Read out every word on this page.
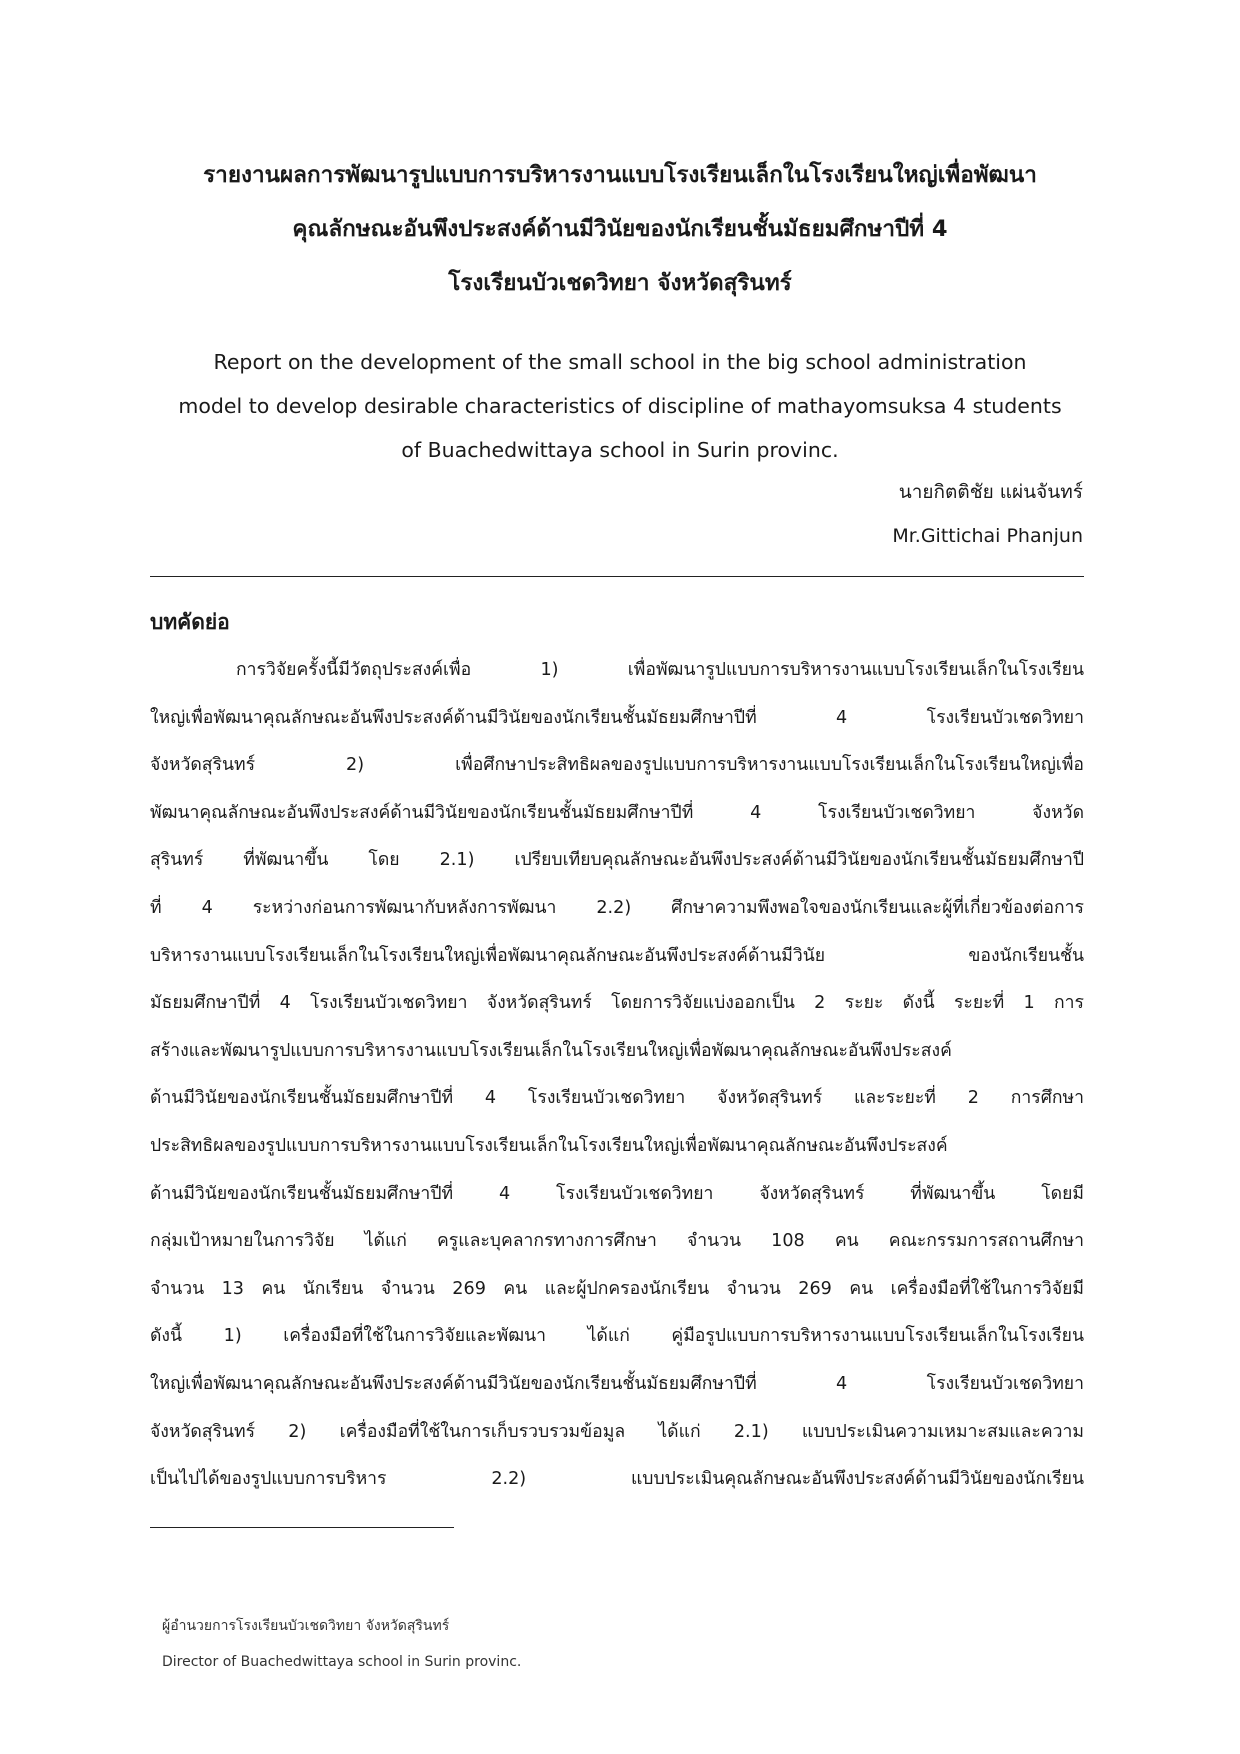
รายงานผลการพัฒนารูปแบบการบริหารงานแบบโรงเรียนเล็กในโรงเรียนใหญ่เพื่อพัฒนา
คุณลักษณะอันพึงประสงค์ด้านมีวินัยของนักเรียนชั้นมัธยมศึกษาปีที่ 4
โรงเรียนบัวเชดวิทยา จังหวัดสุรินทร์
Report on the development of the small school in the big school administration
model to develop desirable characteristics of discipline of mathayomsuksa 4 students
of Buachedwittaya school in Surin provinc.
นายกิตติชัย แผ่นจันทร์
Mr.Gittichai Phanjun
บทคัดย่อ
การวิจัยครั้งนี้มีวัตถุประสงค์เพื่อ 1) เพื่อพัฒนารูปแบบการบริหารงานแบบโรงเรียนเล็กในโรงเรียน
ใหญ่เพื่อพัฒนาคุณลักษณะอันพึงประสงค์ด้านมีวินัยของนักเรียนชั้นมัธยมศึกษาปีที่ 4 โรงเรียนบัวเชดวิทยา
จังหวัดสุรินทร์ 2) เพื่อศึกษาประสิทธิผลของรูปแบบการบริหารงานแบบโรงเรียนเล็กในโรงเรียนใหญ่เพื่อ
พัฒนาคุณลักษณะอันพึงประสงค์ด้านมีวินัยของนักเรียนชั้นมัธยมศึกษาปีที่ 4 โรงเรียนบัวเชดวิทยา จังหวัด
สุรินทร์ ที่พัฒนาขึ้น โดย 2.1) เปรียบเทียบคุณลักษณะอันพึงประสงค์ด้านมีวินัยของนักเรียนชั้นมัธยมศึกษาปี
ที่ 4 ระหว่างก่อนการพัฒนากับหลังการพัฒนา 2.2) ศึกษาความพึงพอใจของนักเรียนและผู้ที่เกี่ยวข้องต่อการ
บริหารงานแบบโรงเรียนเล็กในโรงเรียนใหญ่เพื่อพัฒนาคุณลักษณะอันพึงประสงค์ด้านมีวินัย ของนักเรียนชั้น
มัธยมศึกษาปีที่ 4 โรงเรียนบัวเชดวิทยา จังหวัดสุรินทร์ โดยการวิจัยแบ่งออกเป็น 2 ระยะ ดังนี้ ระยะที่ 1 การ
สร้างและพัฒนารูปแบบการบริหารงานแบบโรงเรียนเล็กในโรงเรียนใหญ่เพื่อพัฒนาคุณลักษณะอันพึงประสงค์
ด้านมีวินัยของนักเรียนชั้นมัธยมศึกษาปีที่ 4 โรงเรียนบัวเชดวิทยา จังหวัดสุรินทร์ และระยะที่ 2 การศึกษา
ประสิทธิผลของรูปแบบการบริหารงานแบบโรงเรียนเล็กในโรงเรียนใหญ่เพื่อพัฒนาคุณลักษณะอันพึงประสงค์
ด้านมีวินัยของนักเรียนชั้นมัธยมศึกษาปีที่ 4 โรงเรียนบัวเชดวิทยา จังหวัดสุรินทร์ ที่พัฒนาขึ้น โดยมี
กลุ่มเป้าหมายในการวิจัย ได้แก่ ครูและบุคลากรทางการศึกษา จำนวน 108 คน คณะกรรมการสถานศึกษา
จำนวน 13 คน นักเรียน จำนวน 269 คน และผู้ปกครองนักเรียน จำนวน 269 คน เครื่องมือที่ใช้ในการวิจัยมี
ดังนี้ 1) เครื่องมือที่ใช้ในการวิจัยและพัฒนา ได้แก่ คู่มือรูปแบบการบริหารงานแบบโรงเรียนเล็กในโรงเรียน
ใหญ่เพื่อพัฒนาคุณลักษณะอันพึงประสงค์ด้านมีวินัยของนักเรียนชั้นมัธยมศึกษาปีที่ 4 โรงเรียนบัวเชดวิทยา
จังหวัดสุรินทร์ 2) เครื่องมือที่ใช้ในการเก็บรวบรวมข้อมูล ได้แก่ 2.1) แบบประเมินความเหมาะสมและความ
เป็นไปได้ของรูปแบบการบริหาร 2.2) แบบประเมินคุณลักษณะอันพึงประสงค์ด้านมีวินัยของนักเรียน
ผู้อำนวยการโรงเรียนบัวเชดวิทยา จังหวัดสุรินทร์
Director of Buachedwittaya school in Surin provinc.
